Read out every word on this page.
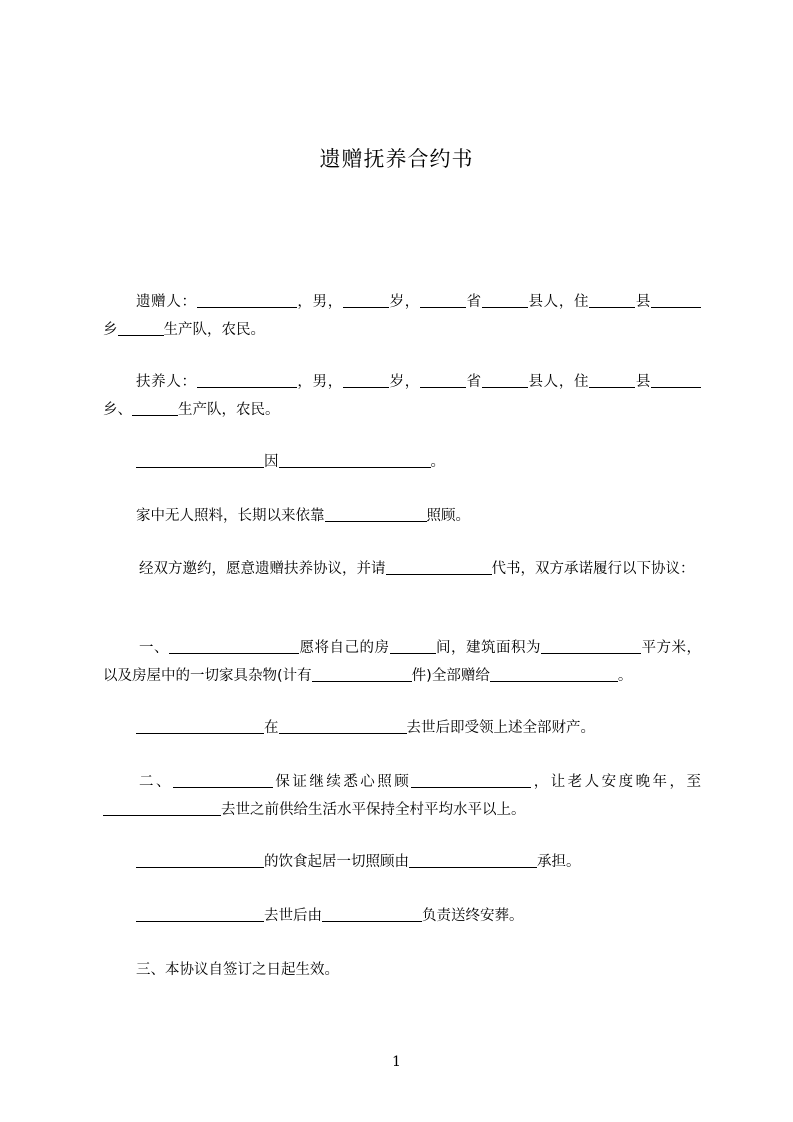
遗赠抚养合约书
遗赠人：	，男，	岁，	省	县人，住	县乡	生产队，农民。
扶养人：	，男，	岁，	省	县人，住	县乡、	生产队，农民。
因	。
家中无人照料，长期以来依靠	照顾。
经双方邀约，愿意遗赠扶养协议，并请	代书，双方承诺履行以下协议：
一、	愿将自己的房	间，建筑面积为	平方米，以及房屋中的一切家具杂物(计有	件)全部赠给	。
在	去世后即受领上述全部财产。
二、	保证继续悉心照顾	，让老人安度晚年，至去世之前供给生活水平保持全村平均水平以上。
的饮食起居一切照顾由	承担。
去世后由	负责送终安葬。
三、本协议自签订之日起生效。
1
